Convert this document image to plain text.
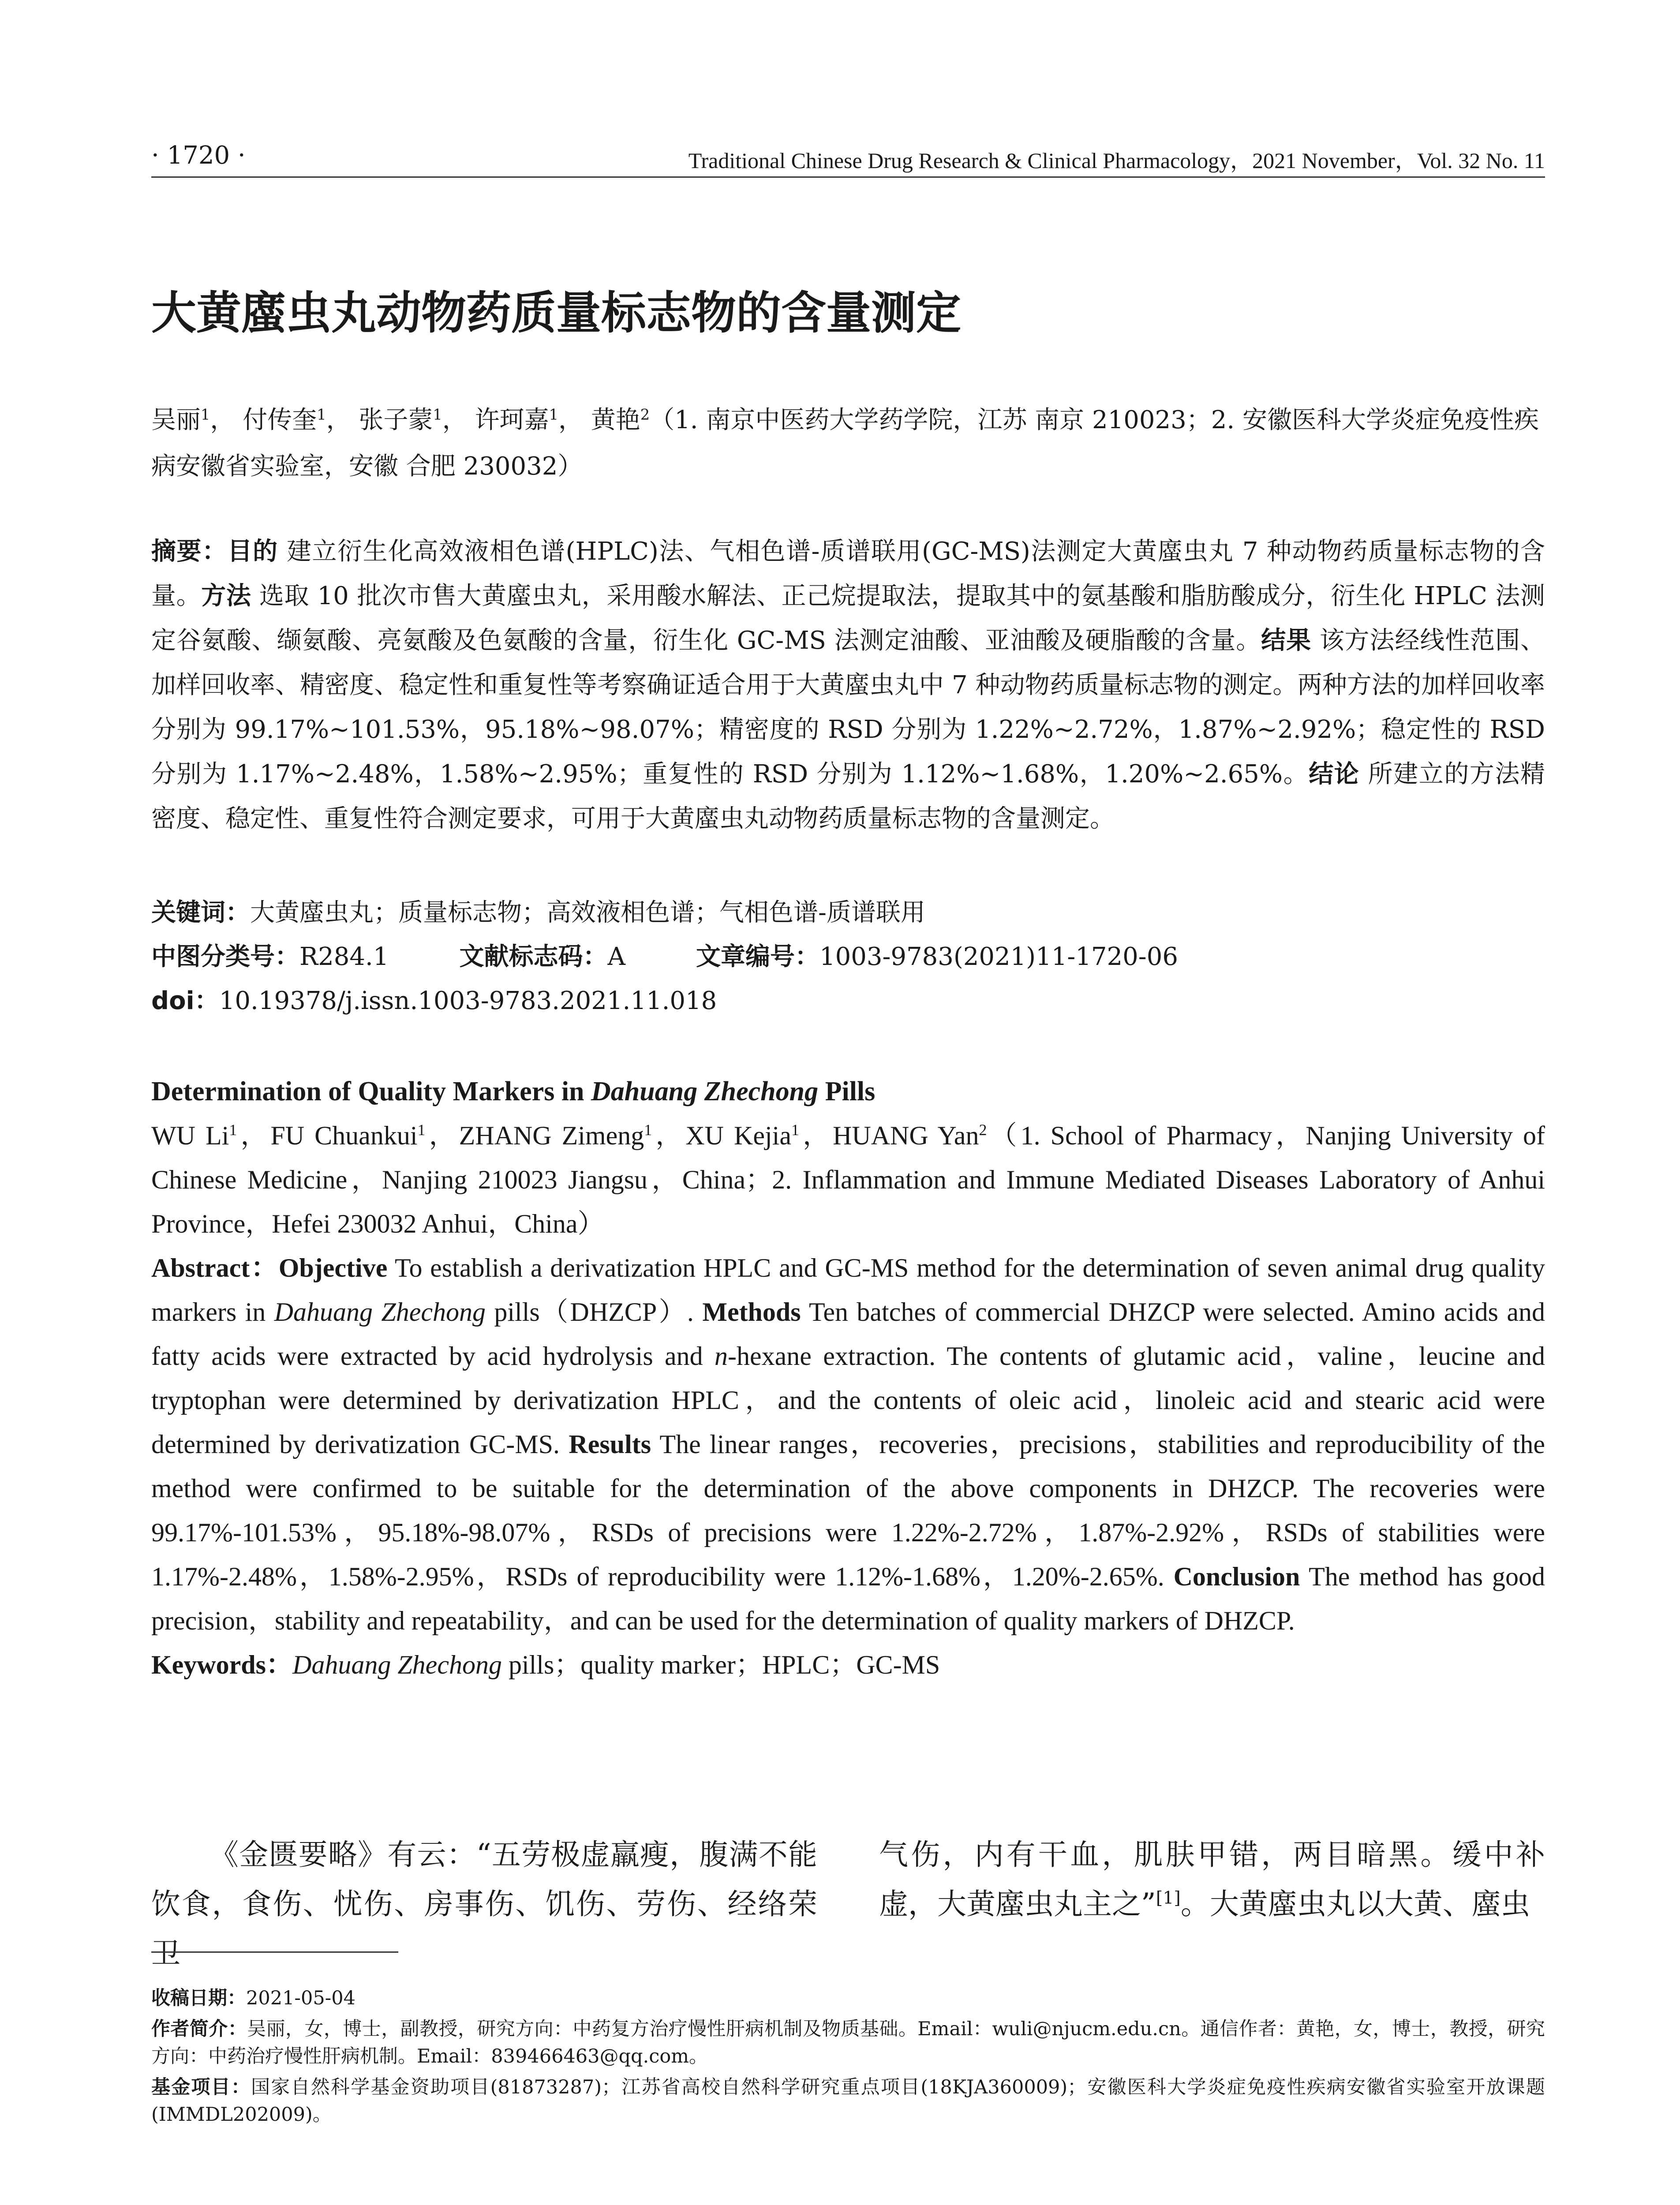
· 1720 ·	Traditional Chinese Drug Research & Clinical Pharmacology，2021 November，Vol. 32 No. 11
大黄䗪虫丸动物药质量标志物的含量测定
吴丽$^1$， 付传奎$^1$， 张子蒙$^1$， 许珂嘉$^1$， 黄艳$^2$（1. 南京中医药大学药学院，江苏 南京 210023；2. 安徽医科大学炎症免疫性疾病安徽省实验室，安徽 合肥 230032）
摘要：目的 建立衍生化高效液相色谱(HPLC)法、气相色谱-质谱联用(GC-MS)法测定大黄䗪虫丸 7 种动物药质量标志物的含量。方法 选取 10 批次市售大黄䗪虫丸，采用酸水解法、正己烷提取法，提取其中的氨基酸和脂肪酸成分，衍生化 HPLC 法测定谷氨酸、缬氨酸、亮氨酸及色氨酸的含量，衍生化 GC-MS 法测定油酸、亚油酸及硬脂酸的含量。结果 该方法经线性范围、加样回收率、精密度、稳定性和重复性等考察确证适合用于大黄䗪虫丸中 7 种动物药质量标志物的测定。两种方法的加样回收率分别为 99.17%~101.53%，95.18%~98.07%；精密度的 RSD 分别为 1.22%~2.72%，1.87%~2.92%；稳定性的 RSD 分别为 1.17%~2.48%，1.58%~2.95%；重复性的 RSD 分别为 1.12%~1.68%，1.20%~2.65%。结论 所建立的方法精密度、稳定性、重复性符合测定要求，可用于大黄䗪虫丸动物药质量标志物的含量测定。
关键词：大黄䗪虫丸；质量标志物；高效液相色谱；气相色谱-质谱联用
中图分类号：R284.1	文献标志码：A	文章编号：1003-9783(2021)11-1720-06
doi：10.19378/j.issn.1003-9783.2021.11.018
Determination of Quality Markers in Dahuang Zhechong Pills
WU Li$^1$，FU Chuankui$^1$，ZHANG Zimeng$^1$，XU Kejia$^1$，HUANG Yan$^2$（1. School of Pharmacy，Nanjing University of Chinese Medicine，Nanjing 210023 Jiangsu，China；2. Inflammation and Immune Mediated Diseases Laboratory of Anhui Province，Hefei 230032 Anhui，China）
Abstract：Objective To establish a derivatization HPLC and GC-MS method for the determination of seven animal drug quality markers in Dahuang Zhechong pills（DHZCP）. Methods Ten batches of commercial DHZCP were selected. Amino acids and fatty acids were extracted by acid hydrolysis and n-hexane extraction. The contents of glutamic acid，valine，leucine and tryptophan were determined by derivatization HPLC，and the contents of oleic acid，linoleic acid and stearic acid were determined by derivatization GC-MS. Results The linear ranges，recoveries，precisions，stabilities and reproducibility of the method were confirmed to be suitable for the determination of the above components in DHZCP. The recoveries were 99.17%-101.53%，95.18%-98.07%，RSDs of precisions were 1.22%-2.72%，1.87%-2.92%，RSDs of stabilities were 1.17%-2.48%，1.58%-2.95%，RSDs of reproducibility were 1.12%-1.68%，1.20%-2.65%. Conclusion The method has good precision，stability and repeatability，and can be used for the determination of quality markers of DHZCP.
Keywords：Dahuang Zhechong pills；quality marker；HPLC；GC-MS
《金匮要略》有云：“五劳极虚羸瘦，腹满不能饮食，食伤、忧伤、房事伤、饥伤、劳伤、经络荣卫
气伤，内有干血，肌肤甲错，两目暗黑。缓中补虚，大黄䗪虫丸主之”[1]。大黄䗪虫丸以大黄、䗪虫

收稿日期：2021-05-04

作者简介：吴丽，女，博士，副教授，研究方向：中药复方治疗慢性肝病机制及物质基础。Email：wuli@njucm.edu.cn。通信作者：黄艳，女，博士，教授，研究方向：中药治疗慢性肝病机制。Email：839466463@qq.com。

基金项目：国家自然科学基金资助项目(81873287)；江苏省高校自然科学研究重点项目(18KJA360009)；安徽医科大学炎症免疫性疾病安徽省实验室开放课题(IMMDL202009)。
